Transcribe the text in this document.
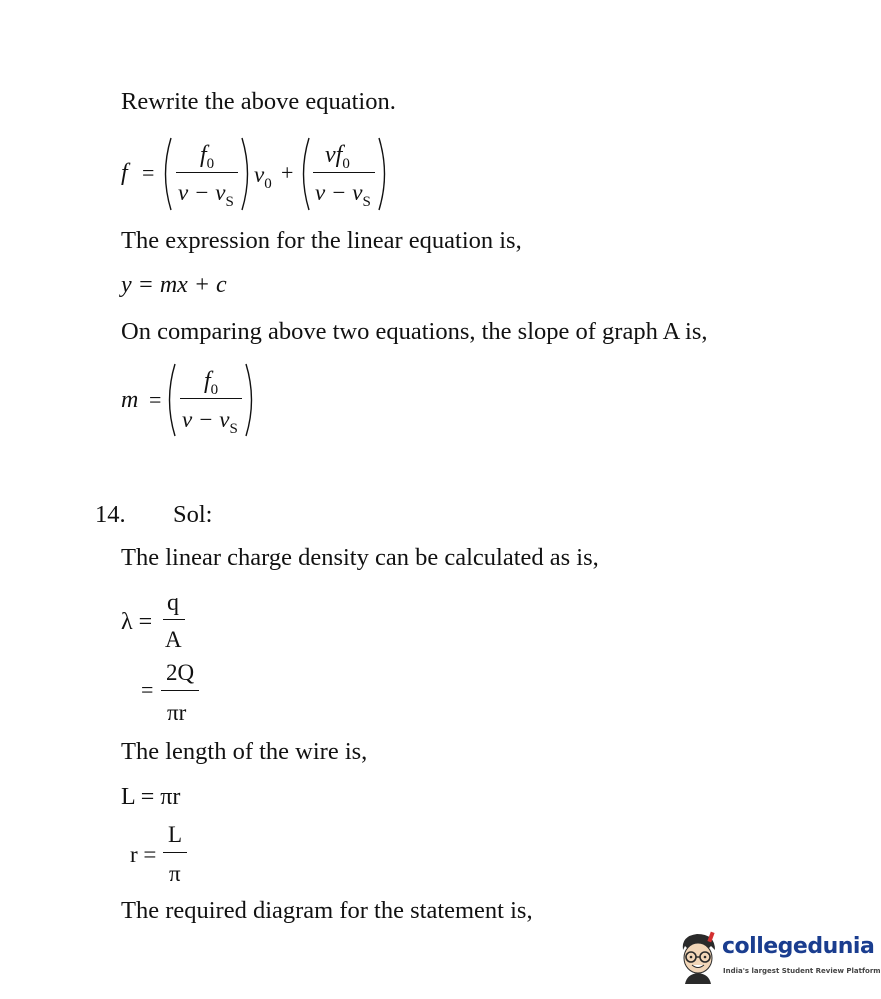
Rewrite the above equation.
f =
$f_0$
$v - v_S$
$v_0$ +
$vf_0$
$v - v_S$
The expression for the linear equation is,
y = mx + c
On comparing above two equations, the slope of graph A is,
m =
$f_0$
$v - v_S$
14. Sol:
The linear charge density can be calculated as is,
λ =
q
A
=
2Q
πr
The length of the wire is,
L = πr
r =
L
π
The required diagram for the statement is,
collegedunia
India's largest Student Review Platform
